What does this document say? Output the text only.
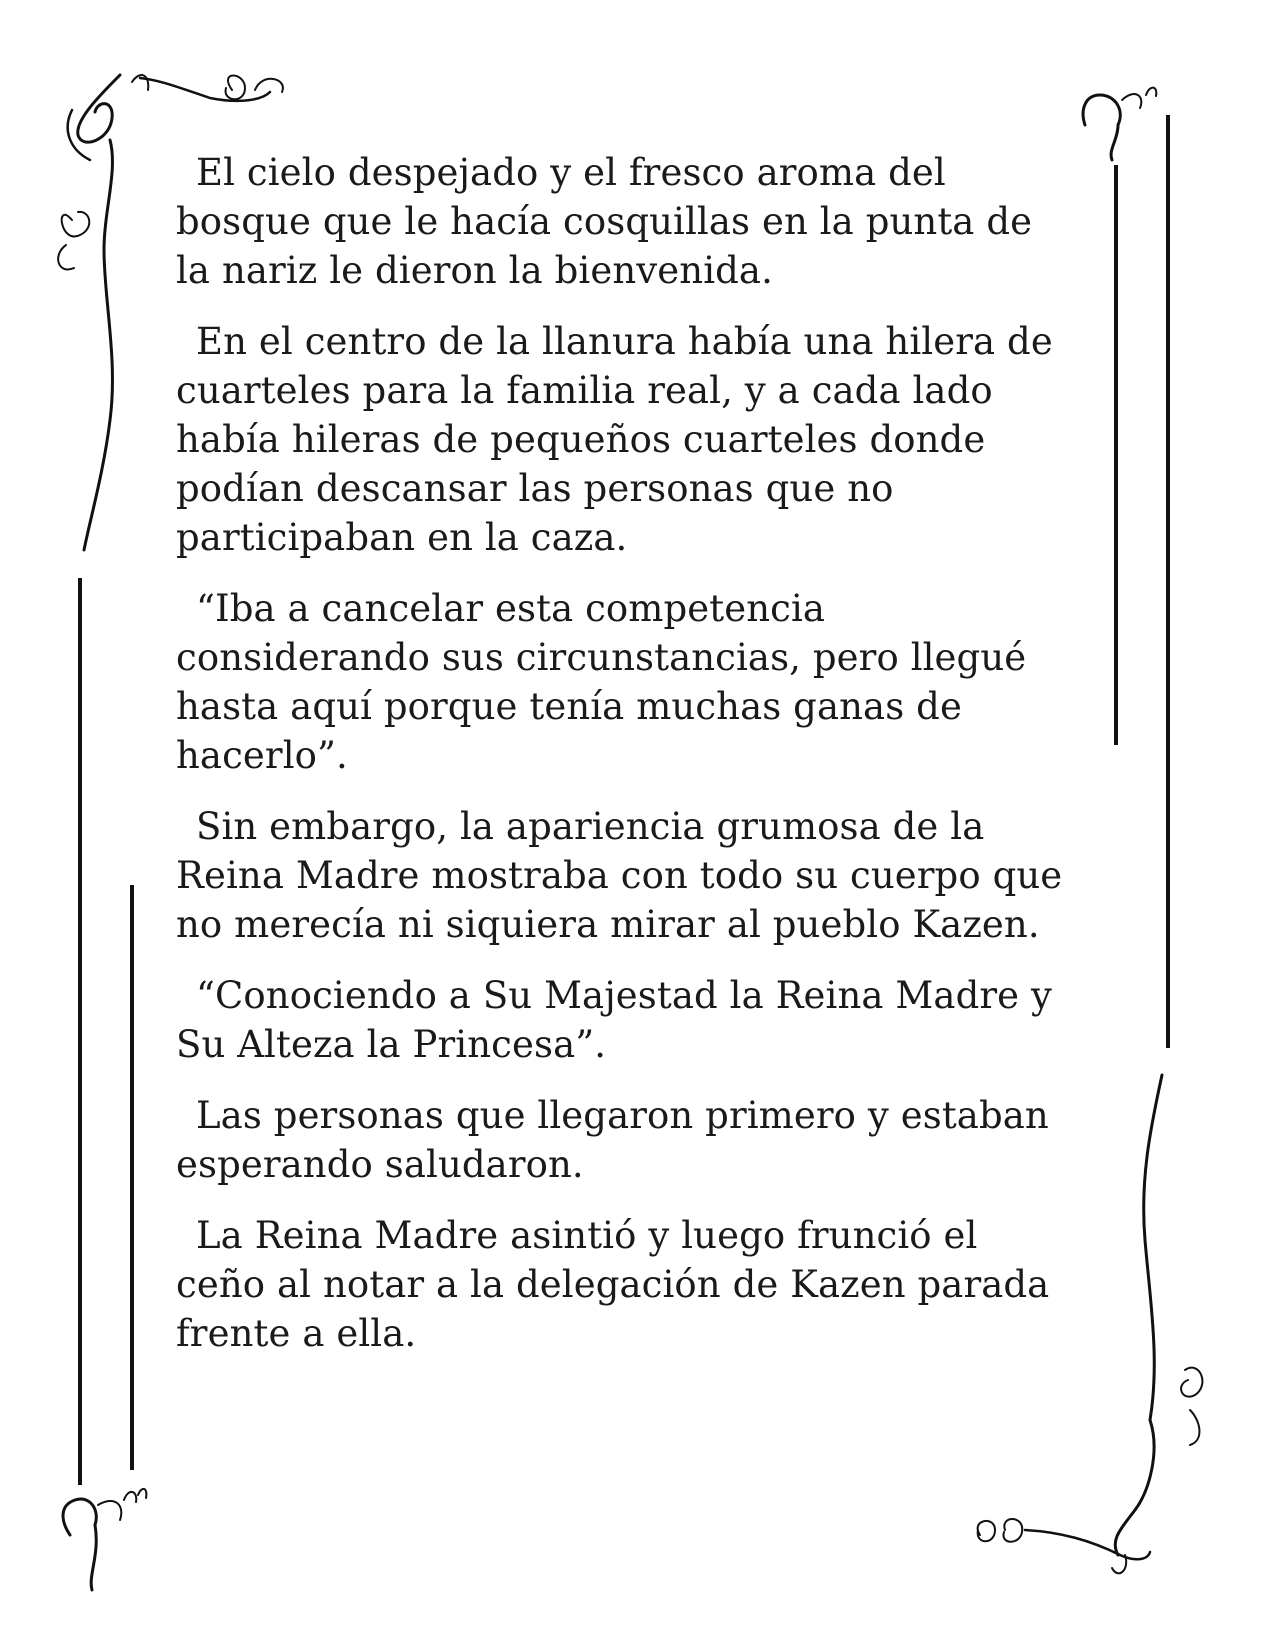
El cielo despejado y el fresco aroma del
bosque que le hacía cosquillas en la punta de
la nariz le dieron la bienvenida.

En el centro de la llanura había una hilera de
cuarteles para la familia real, y a cada lado
había hileras de pequeños cuarteles donde
podían descansar las personas que no
participaban en la caza.

“Iba a cancelar esta competencia
considerando sus circunstancias, pero llegué
hasta aquí porque tenía muchas ganas de
hacerlo”.

Sin embargo, la apariencia grumosa de la
Reina Madre mostraba con todo su cuerpo que
no merecía ni siquiera mirar al pueblo Kazen.

“Conociendo a Su Majestad la Reina Madre y
Su Alteza la Princesa”.

Las personas que llegaron primero y estaban
esperando saludaron.

La Reina Madre asintió y luego frunció el
ceño al notar a la delegación de Kazen parada
frente a ella.
